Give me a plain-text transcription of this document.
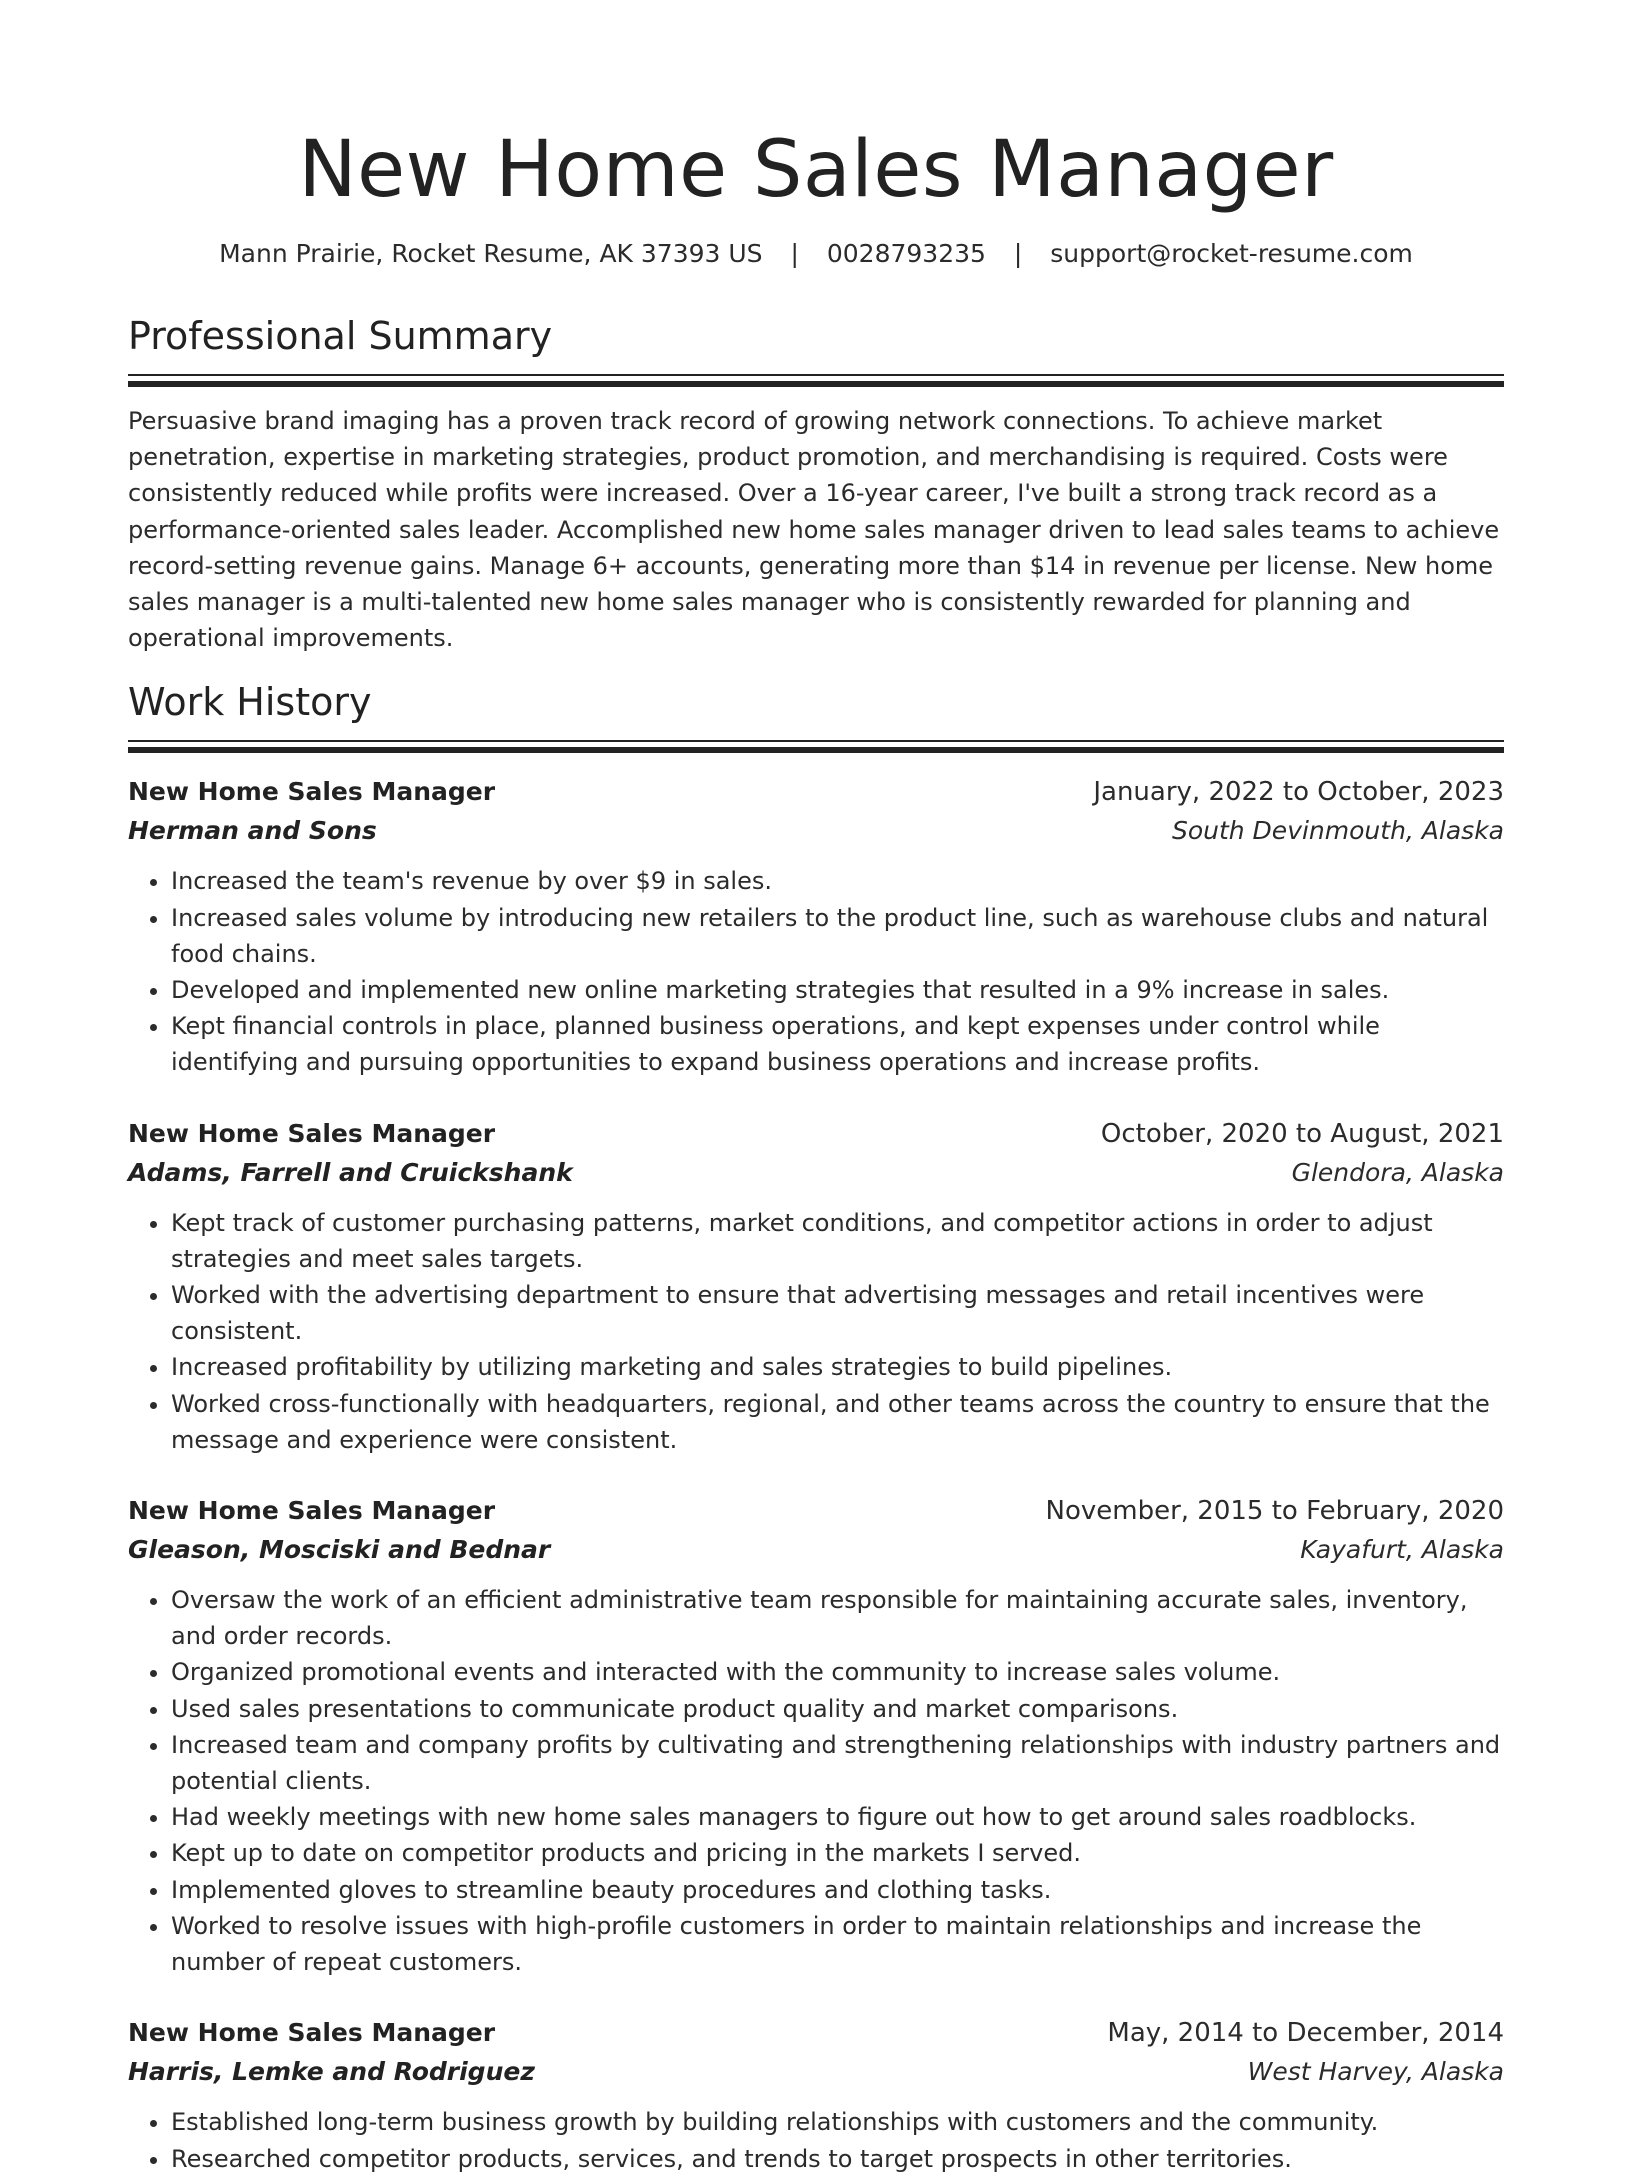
New Home Sales Manager
Mann Prairie, Rocket Resume, AK 37393 US | 0028793235 | support@rocket-resume.com
Professional Summary

Persuasive brand imaging has a proven track record of growing network connections. To achieve market penetration, expertise in marketing strategies, product promotion, and merchandising is required. Costs were consistently reduced while profits were increased. Over a 16-year career, I've built a strong track record as a performance-oriented sales leader. Accomplished new home sales manager driven to lead sales teams to achieve record-setting revenue gains. Manage 6+ accounts, generating more than $14 in revenue per license. New home sales manager is a multi-talented new home sales manager who is consistently rewarded for planning and operational improvements.

Work History
New Home Sales Manager	January, 2022 to October, 2023
Herman and Sons	South Devinmouth, Alaska
• Increased the team's revenue by over $9 in sales.
• Increased sales volume by introducing new retailers to the product line, such as warehouse clubs and natural food chains.
• Developed and implemented new online marketing strategies that resulted in a 9% increase in sales.
• Kept financial controls in place, planned business operations, and kept expenses under control while identifying and pursuing opportunities to expand business operations and increase profits.
New Home Sales Manager	October, 2020 to August, 2021
Adams, Farrell and Cruickshank	Glendora, Alaska
• Kept track of customer purchasing patterns, market conditions, and competitor actions in order to adjust strategies and meet sales targets.
• Worked with the advertising department to ensure that advertising messages and retail incentives were consistent.
• Increased profitability by utilizing marketing and sales strategies to build pipelines.
• Worked cross-functionally with headquarters, regional, and other teams across the country to ensure that the message and experience were consistent.
New Home Sales Manager	November, 2015 to February, 2020
Gleason, Mosciski and Bednar	Kayafurt, Alaska
• Oversaw the work of an efficient administrative team responsible for maintaining accurate sales, inventory, and order records.
• Organized promotional events and interacted with the community to increase sales volume.
• Used sales presentations to communicate product quality and market comparisons.
• Increased team and company profits by cultivating and strengthening relationships with industry partners and potential clients.
• Had weekly meetings with new home sales managers to figure out how to get around sales roadblocks.
• Kept up to date on competitor products and pricing in the markets I served.
• Implemented gloves to streamline beauty procedures and clothing tasks.
• Worked to resolve issues with high-profile customers in order to maintain relationships and increase the number of repeat customers.
New Home Sales Manager	May, 2014 to December, 2014
Harris, Lemke and Rodriguez	West Harvey, Alaska
• Established long-term business growth by building relationships with customers and the community.
• Researched competitor products, services, and trends to target prospects in other territories.
